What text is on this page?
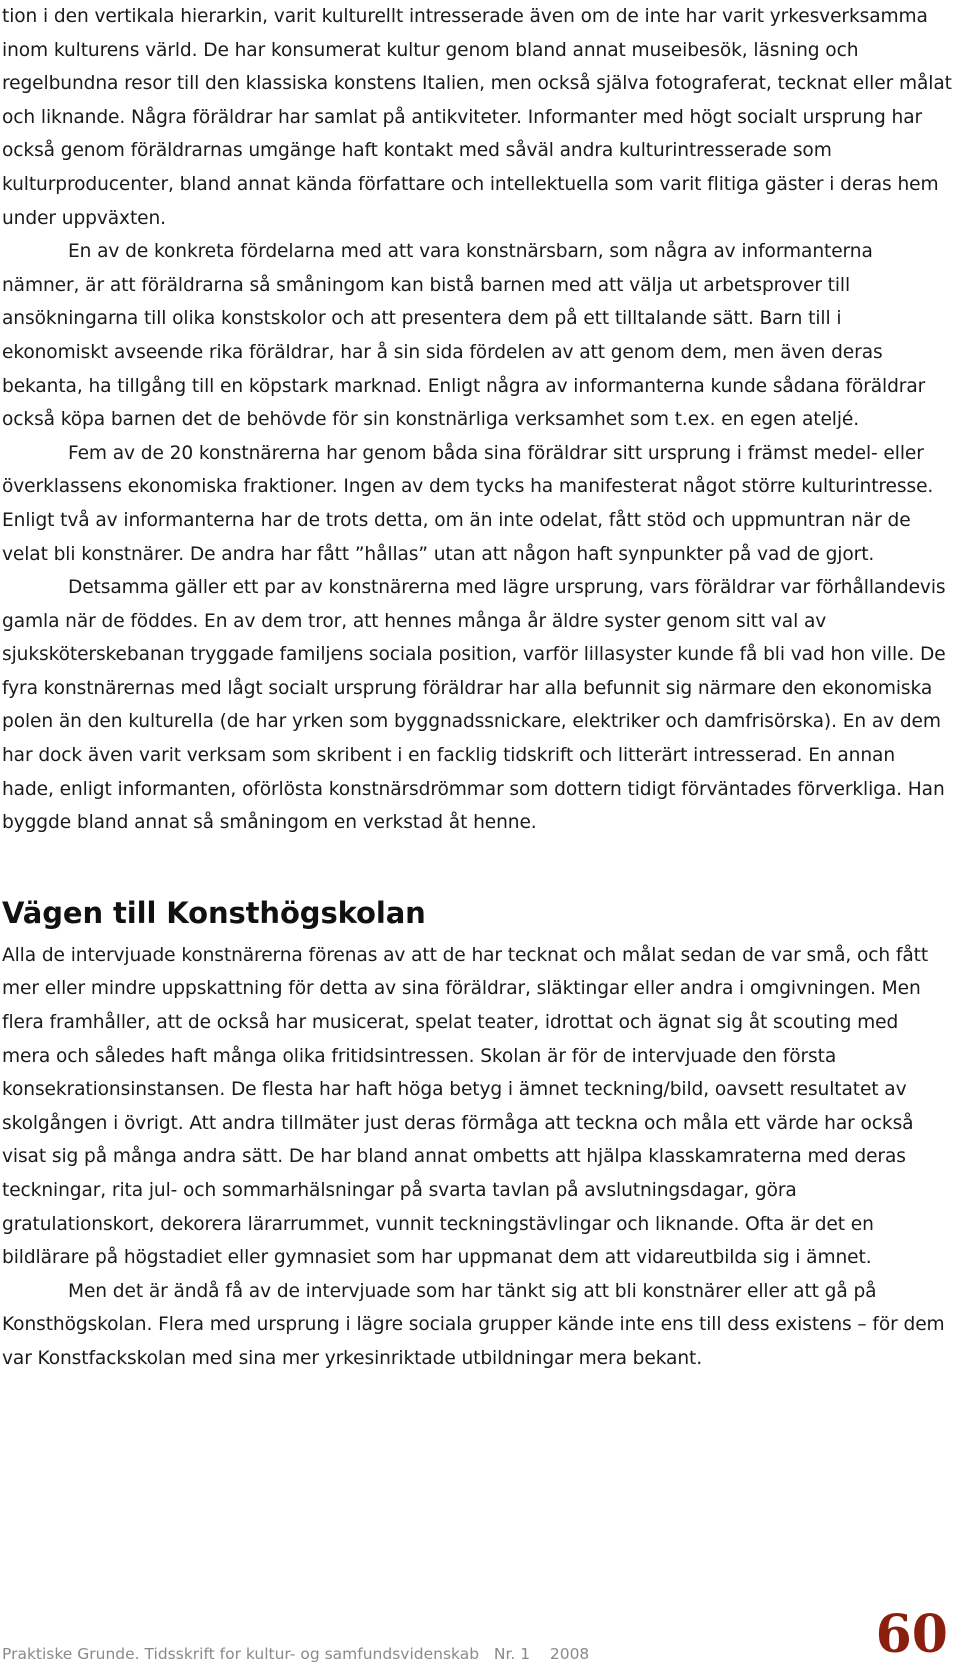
tion i den vertikala hierarkin, varit kulturellt intresserade även om de inte har varit yrkesverksamma inom kulturens värld. De har konsumerat kultur genom bland annat museibesök, läsning och regelbundna resor till den klassiska konstens Italien, men också själva fotograferat, tecknat eller målat och liknande. Några föräldrar har samlat på antikviteter. Informanter med högt socialt ursprung har också genom föräldrarnas umgänge haft kontakt med såväl andra kulturintresserade som kulturproducenter, bland annat kända författare och intellektuella som varit flitiga gäster i deras hem under uppväxten.

En av de konkreta fördelarna med att vara konstnärsbarn, som några av informanterna nämner, är att föräldrarna så småningom kan bistå barnen med att välja ut arbetsprover till ansökningarna till olika konstskolor och att presentera dem på ett tilltalande sätt. Barn till i ekonomiskt avseende rika föräldrar, har å sin sida fördelen av att genom dem, men även deras bekanta, ha tillgång till en köpstark marknad. Enligt några av informanterna kunde sådana föräldrar också köpa barnen det de behövde för sin konstnärliga verksamhet som t.ex. en egen ateljé.

Fem av de 20 konstnärerna har genom båda sina föräldrar sitt ursprung i främst medel- eller överklassens ekonomiska fraktioner. Ingen av dem tycks ha manifesterat något större kulturintresse. Enligt två av informanterna har de trots detta, om än inte odelat, fått stöd och uppmuntran när de velat bli konstnärer. De andra har fått ”hållas” utan att någon haft synpunkter på vad de gjort.

Detsamma gäller ett par av konstnärerna med lägre ursprung, vars föräldrar var förhållandevis gamla när de föddes. En av dem tror, att hennes många år äldre syster genom sitt val av sjuksköterskebanan tryggade familjens sociala position, varför lillasyster kunde få bli vad hon ville. De fyra konstnärernas med lågt socialt ursprung föräldrar har alla befunnit sig närmare den ekonomiska polen än den kulturella (de har yrken som byggnadssnickare, elektriker och damfrisörska). En av dem har dock även varit verksam som skribent i en facklig tidskrift och litterärt intresserad. En annan hade, enligt informanten, oförlösta konstnärsdrömmar som dottern tidigt förväntades förverkliga. Han byggde bland annat så småningom en verkstad åt henne.

Vägen till Konsthögskolan

Alla de intervjuade konstnärerna förenas av att de har tecknat och målat sedan de var små, och fått mer eller mindre uppskattning för detta av sina föräldrar, släktingar eller andra i omgivningen. Men flera framhåller, att de också har musicerat, spelat teater, idrottat och ägnat sig åt scouting med mera och således haft många olika fritidsintressen. Skolan är för de intervjuade den första konsekrationsinstansen. De flesta har haft höga betyg i ämnet teckning/bild, oavsett resultatet av skolgången i övrigt. Att andra tillmäter just deras förmåga att teckna och måla ett värde har också visat sig på många andra sätt. De har bland annat ombetts att hjälpa klasskamraterna med deras teckningar, rita jul- och sommarhälsningar på svarta tavlan på avslutningsdagar, göra gratulationskort, dekorera lärarrummet, vunnit teckningstävlingar och liknande. Ofta är det en bildlärare på högstadiet eller gymnasiet som har uppmanat dem att vidareutbilda sig i ämnet.

Men det är ändå få av de intervjuade som har tänkt sig att bli konstnärer eller att gå på Konsthögskolan. Flera med ursprung i lägre sociala grupper kände inte ens till dess existens – för dem var Konstfackskolan med sina mer yrkesinriktade utbildningar mera bekant.

Praktiske Grunde. Tidsskrift for kultur- og samfundsvidenskab Nr. 1 2008	60
